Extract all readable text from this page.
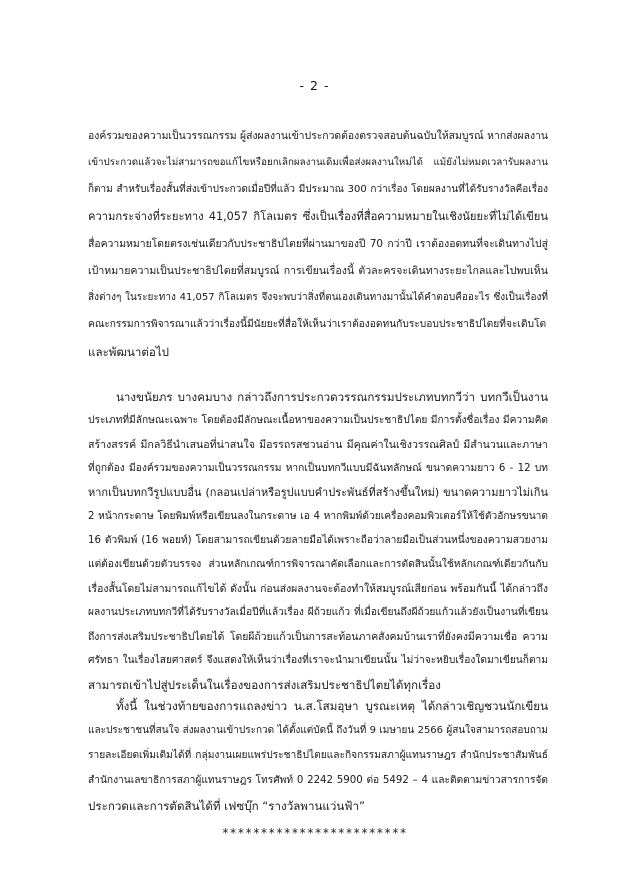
- 2 -
องค์รวมของความเป็นวรรณกรรม ผู้ส่งผลงานเข้าประกวดต้องตรวจสอบต้นฉบับให้สมบูรณ์ หากส่งผลงาน
เข้าประกวดแล้วจะไม่สามารถขอแก้ไขหรือยกเลิกผลงานเดิมเพื่อส่งผลงานใหม่ได้ แม้ยังไม่หมดเวลารับผลงาน
ก็ตาม สำหรับเรื่องสั้นที่ส่งเข้าประกวดเมื่อปีที่แล้ว มีประมาณ 300 กว่าเรื่อง โดยผลงานที่ได้รับรางวัลคือเรื่อง
ความกระจ่างที่ระยะทาง 41,057 กิโลเมตร ซึ่งเป็นเรื่องที่สื่อความหมายในเชิงนัยยะที่ไม่ได้เขียน
สื่อความหมายโดยตรงเช่นเดียวกับประชาธิปไตยที่ผ่านมาของปี 70 กว่าปี เราต้องอดทนที่จะเดินทางไปสู่
เป้าหมายความเป็นประชาธิปไตยที่สมบูรณ์ การเขียนเรื่องนี้ ตัวละครจะเดินทางระยะไกลและไปพบเห็น
สิ่งต่างๆ ในระยะทาง 41,057 กิโลเมตร จึงจะพบว่าสิ่งที่ตนเองเดินทางมานั้นได้คำตอบคืออะไร ซึ่งเป็นเรื่องที่
คณะกรรมการพิจารณาแล้วว่าเรื่องนี้มีนัยยะที่สื่อให้เห็นว่าเราต้องอดทนกับระบอบประชาธิปไตยที่จะเติบโต
และพัฒนาต่อไป
นางขนัยภร บางคมบาง กล่าวถึงการประกวดวรรณกรรมประเภทบทกวีว่า บทกวีเป็นงาน
ประเภทที่มีลักษณะเฉพาะ โดยต้องมีลักษณะเนื้อหาของความเป็นประชาธิปไตย มีการตั้งชื่อเรื่อง มีความคิด
สร้างสรรค์ มีกลวิธีนำเสนอที่น่าสนใจ มีอรรถรสชวนอ่าน มีคุณค่าในเชิงวรรณศิลป์ มีสำนวนและภาษา
ที่ถูกต้อง มีองค์รวมของความเป็นวรรณกรรม หากเป็นบทกวีแบบมีฉันทลักษณ์ ขนาดความยาว 6 - 12 บท
หากเป็นบทกวีรูปแบบอื่น (กลอนเปล่าหรือรูปแบบคำประพันธ์ที่สร้างขึ้นใหม่) ขนาดความยาวไม่เกิน
2 หน้ากระดาษ โดยพิมพ์หรือเขียนลงในกระดาษ เอ 4 หากพิมพ์ด้วยเครื่องคอมพิวเตอร์ให้ใช้ตัวอักษรขนาด
16 ตัวพิมพ์ (16 พอยท์) โดยสามารถเขียนด้วยลายมือได้เพราะถือว่าลายมือเป็นส่วนหนึ่งของความสวยงาม
แต่ต้องเขียนด้วยตัวบรรจง ส่วนหลักเกณฑ์การพิจารณาคัดเลือกและการตัดสินนั้นใช้หลักเกณฑ์เดียวกันกับ
เรื่องสั้นโดยไม่สามารถแก้ไขได้ ดังนั้น ก่อนส่งผลงานจะต้องทำให้สมบูรณ์เสียก่อน พร้อมกันนี้ ได้กล่าวถึง
ผลงานประเภทบทกวีที่ได้รับรางวัลเมื่อปีที่แล้วเรื่อง ผีถ้วยแก้ว ที่เมื่อเขียนถึงผีถ้วยแก้วแล้วยังเป็นงานที่เขียน
ถึงการส่งเสริมประชาธิปไตยได้ โดยผีถ้วยแก้วเป็นการสะท้อนภาคสังคมบ้านเราที่ยังคงมีความเชื่อ ความ
ศรัทธา ในเรื่องไสยศาสตร์ จึงแสดงให้เห็นว่าเรื่องที่เราจะนำมาเขียนนั้น ไม่ว่าจะหยิบเรื่องใดมาเขียนก็ตาม
สามารถเข้าไปสู่ประเด็นในเรื่องของการส่งเสริมประชาธิปไตยได้ทุกเรื่อง
ทั้งนี้ ในช่วงท้ายของการแถลงข่าว น.ส.โสมอุษา บูรณะเหตุ ได้กล่าวเชิญชวนนักเขียน
และประชาชนที่สนใจ ส่งผลงานเข้าประกวด ได้ตั้งแต่บัดนี้ ถึงวันที่ 9 เมษายน 2566 ผู้สนใจสามารถสอบถาม
รายละเอียดเพิ่มเติมได้ที่ กลุ่มงานเผยแพร่ประชาธิปไตยและกิจกรรมสภาผู้แทนราษฎร สำนักประชาสัมพันธ์
สำนักงานเลขาธิการสภาผู้แทนราษฎร โทรศัพท์ 0 2242 5900 ต่อ 5492 – 4 และติดตามข่าวสารการจัด
ประกวดและการตัดสินได้ที่ เฟซบุ๊ก “รางวัลพานแว่นฟ้า”
************************
